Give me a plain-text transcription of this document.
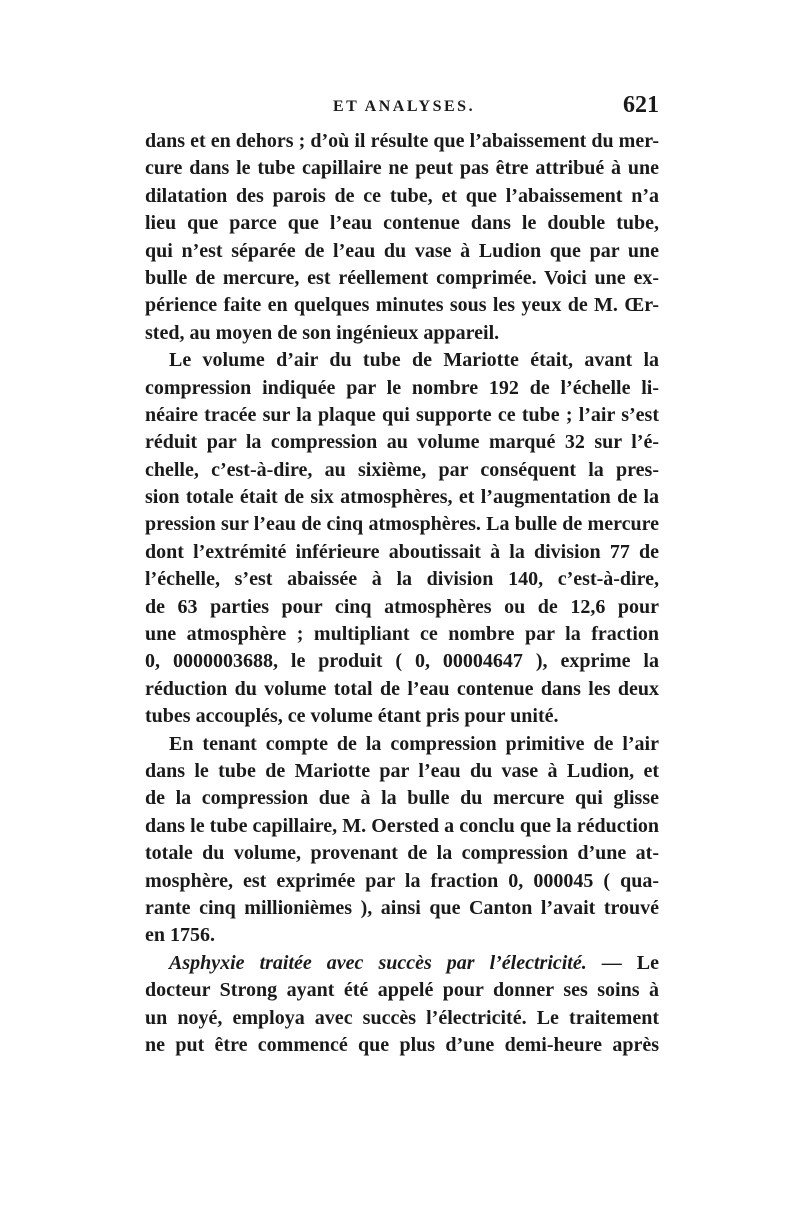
ET ANALYSES.	621
dans et en dehors ; d’où il résulte que l’abaissement du mer-
cure dans le tube capillaire ne peut pas être attribué à une
dilatation des parois de ce tube, et que l’abaissement n’a
lieu que parce que l’eau contenue dans le double tube,
qui n’est séparée de l’eau du vase à Ludion que par une
bulle de mercure, est réellement comprimée. Voici une ex-
périence faite en quelques minutes sous les yeux de M. Œr-
sted, au moyen de son ingénieux appareil.
Le volume d’air du tube de Mariotte était, avant la
compression indiquée par le nombre 192 de l’échelle li-
néaire tracée sur la plaque qui supporte ce tube ; l’air s’est
réduit par la compression au volume marqué 32 sur l’é-
chelle, c’est-à-dire, au sixième, par conséquent la pres-
sion totale était de six atmosphères, et l’augmentation de la
pression sur l’eau de cinq atmosphères. La bulle de mercure
dont l’extrémité inférieure aboutissait à la division 77 de
l’échelle, s’est abaissée à la division 140, c’est-à-dire,
de 63 parties pour cinq atmosphères ou de 12,6 pour
une atmosphère ; multipliant ce nombre par la fraction
0, 0000003688, le produit ( 0, 00004647 ), exprime la
réduction du volume total de l’eau contenue dans les deux
tubes accouplés, ce volume étant pris pour unité.
En tenant compte de la compression primitive de l’air
dans le tube de Mariotte par l’eau du vase à Ludion, et
de la compression due à la bulle du mercure qui glisse
dans le tube capillaire, M. Oersted a conclu que la réduction
totale du volume, provenant de la compression d’une at-
mosphère, est exprimée par la fraction 0, 000045 ( qua-
rante cinq millionièmes ), ainsi que Canton l’avait trouvé
en 1756.
Asphyxie traitée avec succès par l’électricité. — Le
docteur Strong ayant été appelé pour donner ses soins à
un noyé, employa avec succès l’électricité. Le traitement
ne put être commencé que plus d’une demi-heure après
